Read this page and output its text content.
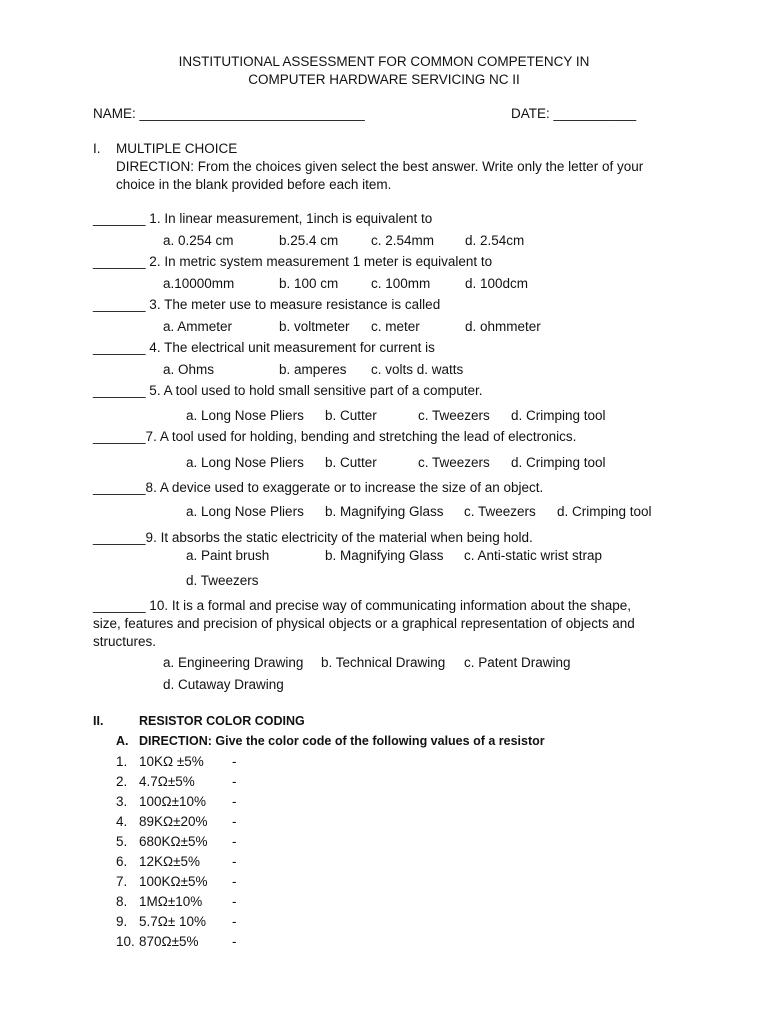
INSTITUTIONAL ASSESSMENT FOR COMMON COMPETENCY IN
COMPUTER HARDWARE SERVICING NC II
NAME: ______________________________	DATE: ___________
I. MULTIPLE CHOICE
DIRECTION: From the choices given select the best answer. Write only the letter of your
choice in the blank provided before each item.
_______ 1. In linear measurement, 1inch is equivalent to
a. 0.254 cm	b.25.4 cm c. 2.54mm d. 2.54cm
_______ 2. In metric system measurement 1 meter is equivalent to
a.10000mm	b. 100 cm c. 100mm	d. 100dcm
_______ 3. The meter use to measure resistance is called
a. Ammeter	b. voltmeter c. meter	d. ohmmeter
_______ 4. The electrical unit measurement for current is
a. Ohms	b. amperes c. volts d. watts
_______ 5. A tool used to hold small sensitive part of a computer.
a. Long Nose Pliers b. Cutter	c. Tweezers d. Crimping tool
_______7. A tool used for holding, bending and stretching the lead of electronics.
a. Long Nose Pliers b. Cutter	c. Tweezers d. Crimping tool
_______8. A device used to exaggerate or to increase the size of an object.
a. Long Nose Pliers b. Magnifying Glass c. Tweezers d. Crimping tool
_______9. It absorbs the static electricity of the material when being hold.
a. Paint brush	b. Magnifying Glass c. Anti-static wrist strap
d. Tweezers
_______ 10. It is a formal and precise way of communicating information about the shape,
size, features and precision of physical objects or a graphical representation of objects and
structures.
a. Engineering Drawing b. Technical Drawing c. Patent Drawing
d. Cutaway Drawing
II.	RESISTOR COLOR CODING
A. DIRECTION: Give the color code of the following values of a resistor
1. 10KΩ ±5% -
2. 4.7Ω±5%	-
3. 100Ω±10% -
4. 89KΩ±20% -
5. 680KΩ±5% -
6. 12KΩ±5% -
7. 100KΩ±5% -
8. 1MΩ±10% -
9. 5.7Ω± 10% -
10. 870Ω±5% -
